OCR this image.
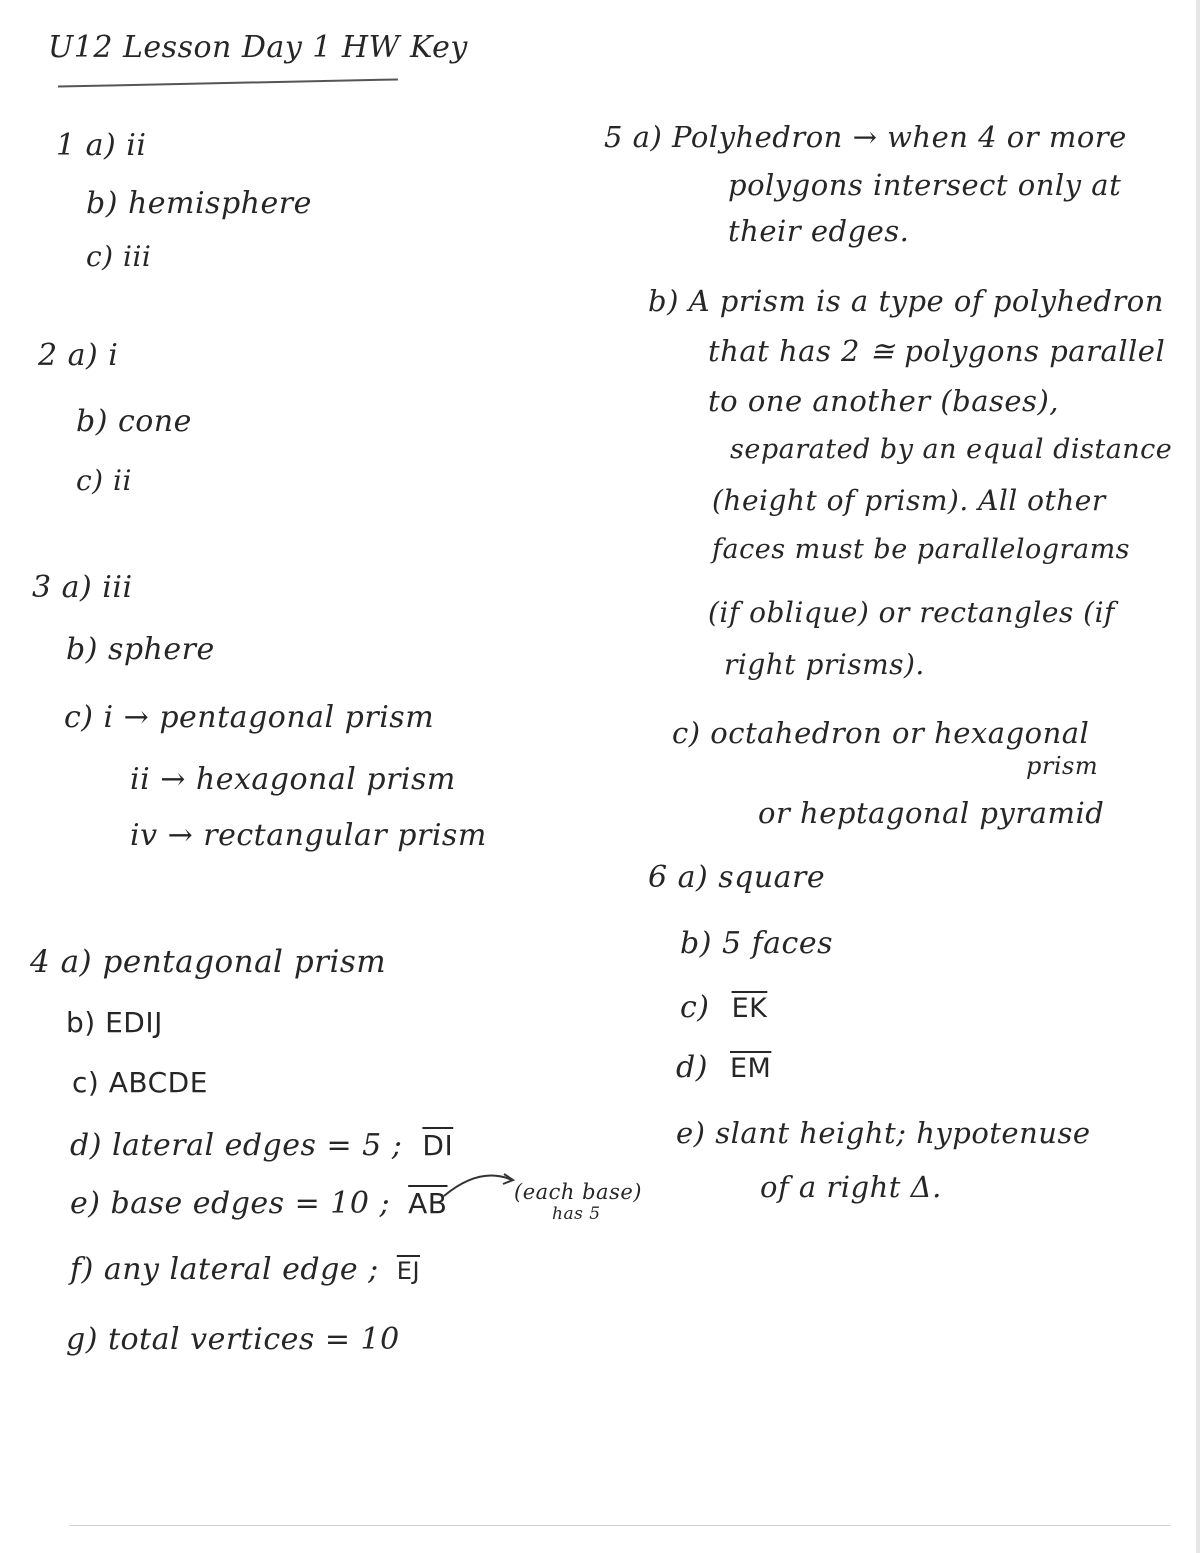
U12 Lesson Day 1 HW Key
1 a) ii
b) hemisphere
c) iii
2 a) i
b) cone
c) ii
3 a) iii
b) sphere
c) i → pentagonal prism
ii → hexagonal prism
iv → rectangular prism
4 a) pentagonal prism
b) EDIJ
c) ABCDE
d) lateral edges = 5 ; $\overline{DI}$
e) base edges = 10 ; $\overline{AB}$	(each base)
has 5
f) any lateral edge ; $\overline{EJ}$
g) total vertices = 10
5 a) Polyhedron → when 4 or more
polygons intersect only at
their edges.
b) A prism is a type of polyhedron
that has 2 ≅ polygons parallel
to one another (bases),
separated by an equal distance
(height of prism). All other
faces must be parallelograms
(if oblique) or rectangles (if
right prisms).
c) octahedron or hexagonal
prism
or heptagonal pyramid
6 a) square
b) 5 faces
c) $\overline{EK}$
d) $\overline{EM}$
e) slant height; hypotenuse
of a right Δ.
